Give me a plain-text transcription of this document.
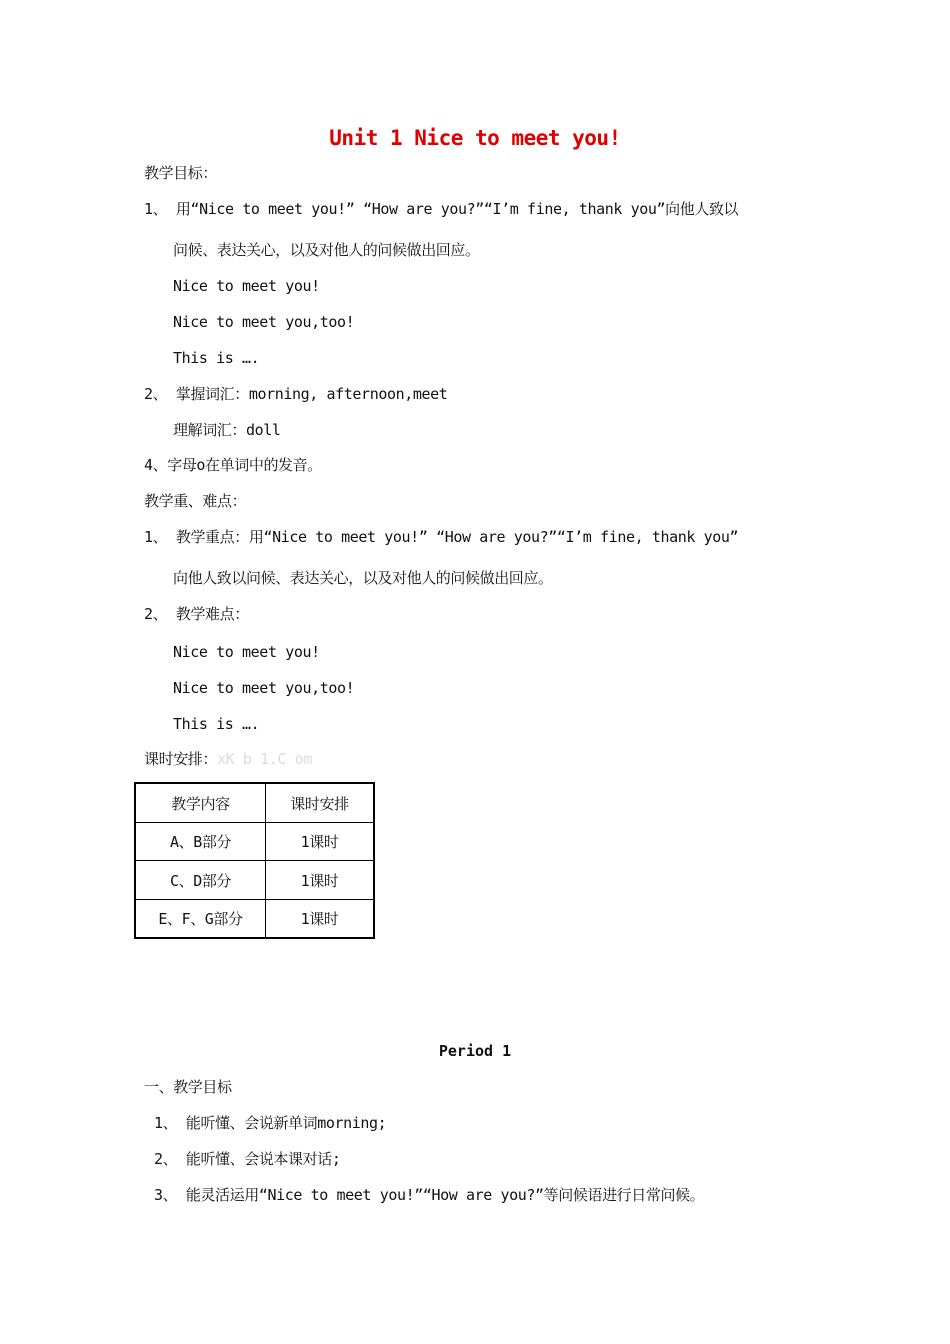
Unit 1 Nice to meet you!
教学目标：
1、 用“Nice to meet you!” “How are you?”“I’m fine, thank you”向他人致以
问候、表达关心，以及对他人的问候做出回应。
Nice to meet you!
Nice to meet you,too!
This is ….
2、 掌握词汇：morning, afternoon,meet
理解词汇：doll
4、字母o在单词中的发音。
教学重、难点：
1、 教学重点：用“Nice to meet you!” “How are you?”“I’m fine, thank you”
向他人致以问候、表达关心，以及对他人的问候做出回应。
2、 教学难点：
Nice to meet you!
Nice to meet you,too!
This is ….
课时安排：xK b 1.C om
教学内容	课时安排
A、B部分	1课时
C、D部分	1课时
E、F、G部分	1课时
Period 1
一、教学目标
1、 能听懂、会说新单词morning;
2、 能听懂、会说本课对话;
3、 能灵活运用“Nice to meet you!”“How are you?”等问候语进行日常问候。
